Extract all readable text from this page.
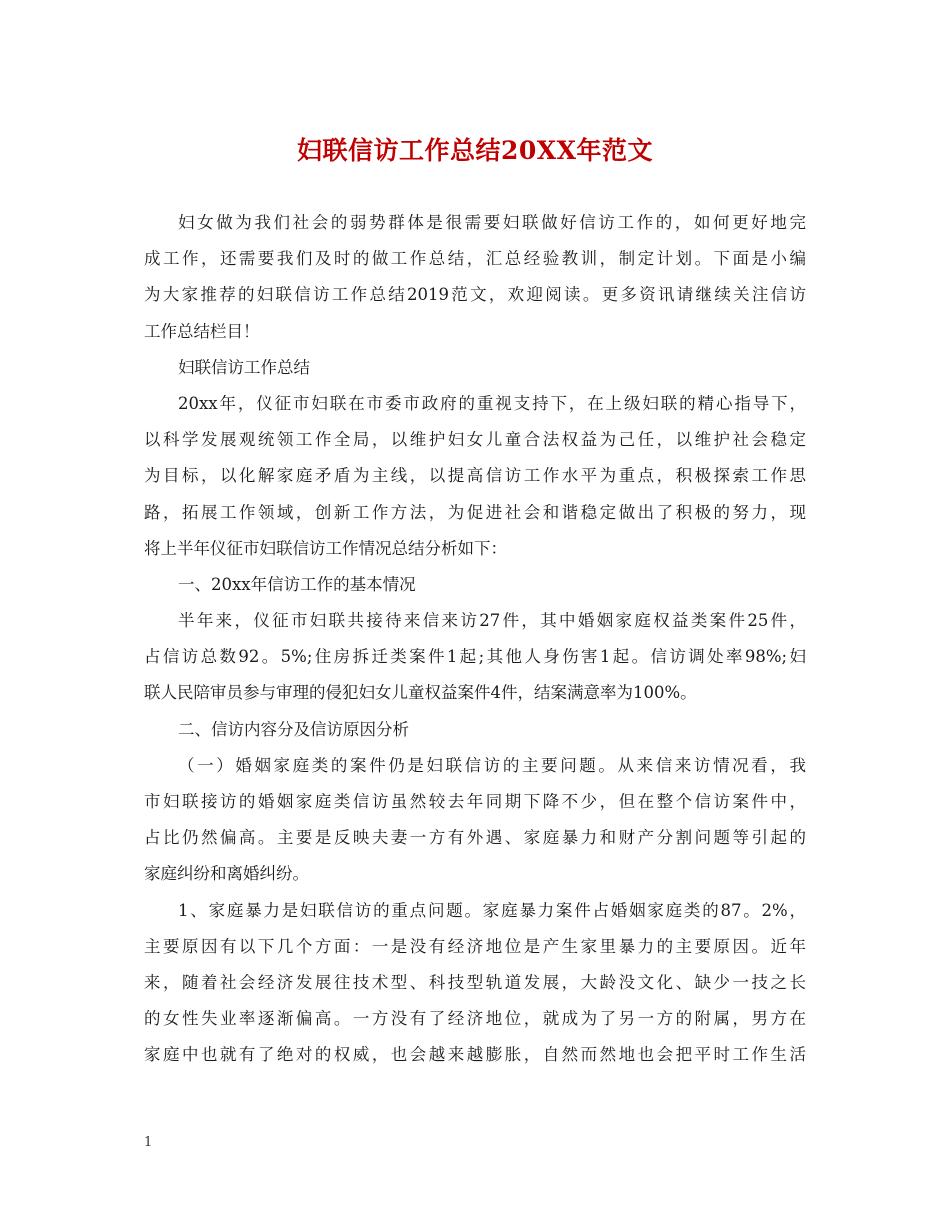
妇联信访工作总结20XX年范文
妇女做为我们社会的弱势群体是很需要妇联做好信访工作的，如何更好地完
成工作，还需要我们及时的做工作总结，汇总经验教训，制定计划。下面是小编
为大家推荐的妇联信访工作总结2019范文，欢迎阅读。更多资讯请继续关注信访
工作总结栏目！
妇联信访工作总结
20xx年，仪征市妇联在市委市政府的重视支持下，在上级妇联的精心指导下，
以科学发展观统领工作全局，以维护妇女儿童合法权益为己任，以维护社会稳定
为目标，以化解家庭矛盾为主线，以提高信访工作水平为重点，积极探索工作思
路，拓展工作领域，创新工作方法，为促进社会和谐稳定做出了积极的努力，现
将上半年仪征市妇联信访工作情况总结分析如下：
一、20xx年信访工作的基本情况
半年来，仪征市妇联共接待来信来访27件，其中婚姻家庭权益类案件25件，
占信访总数92。5%;住房拆迁类案件1起;其他人身伤害1起。信访调处率98%;妇
联人民陪审员参与审理的侵犯妇女儿童权益案件4件，结案满意率为100%。
二、信访内容分及信访原因分析
（一）婚姻家庭类的案件仍是妇联信访的主要问题。从来信来访情况看，我
市妇联接访的婚姻家庭类信访虽然较去年同期下降不少，但在整个信访案件中，
占比仍然偏高。主要是反映夫妻一方有外遇、家庭暴力和财产分割问题等引起的
家庭纠纷和离婚纠纷。
1、家庭暴力是妇联信访的重点问题。家庭暴力案件占婚姻家庭类的87。2%，
主要原因有以下几个方面：一是没有经济地位是产生家里暴力的主要原因。近年
来，随着社会经济发展往技术型、科技型轨道发展，大龄没文化、缺少一技之长
的女性失业率逐渐偏高。一方没有了经济地位，就成为了另一方的附属，男方在
家庭中也就有了绝对的权威，也会越来越膨胀，自然而然地也会把平时工作生活
1
